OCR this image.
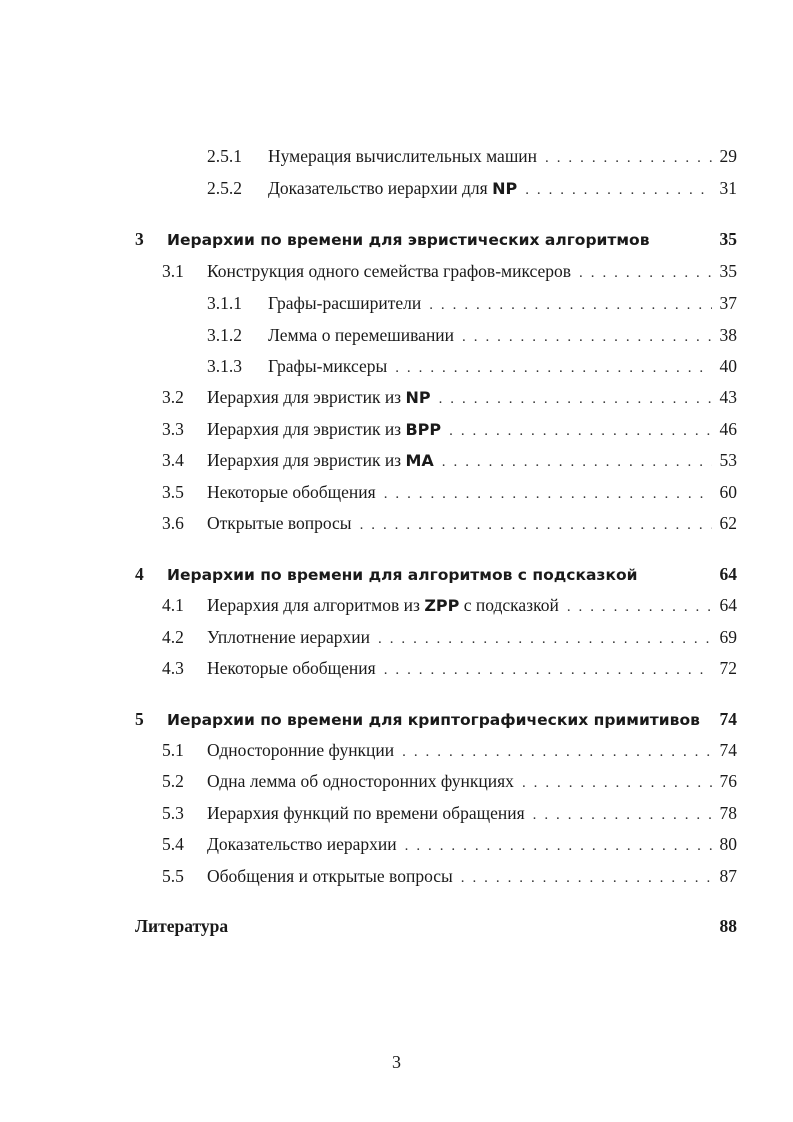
2.5.1	Нумерация вычислительных машин . . .	29
2.5.2	Доказательство иерархии для NP . . .	31
3	Иерархии по времени для эвристических алгоритмов	35
3.1	Конструкция одного семейства графов-миксеров . . .	35
3.1.1	Графы-расширители . . .	37
3.1.2	Лемма о перемешивании . . .	38
3.1.3	Графы-миксеры . . .	40
3.2	Иерархия для эвристик из NP . . .	43
3.3	Иерархия для эвристик из BPP . . .	46
3.4	Иерархия для эвристик из MA . . .	53
3.5	Некоторые обобщения . . .	60
3.6	Открытые вопросы . . .	62
4	Иерархии по времени для алгоритмов с подсказкой	64
4.1	Иерархия для алгоритмов из ZPP с подсказкой . . .	64
4.2	Уплотнение иерархии . . .	69
4.3	Некоторые обобщения . . .	72
5	Иерархии по времени для криптографических примитивов 74
5.1	Односторонние функции . . .	74
5.2	Одна лемма об односторонних функциях . . .	76
5.3	Иерархия функций по времени обращения . . .	78
5.4	Доказательство иерархии . . .	80
5.5	Обобщения и открытые вопросы . . .	87
Литература	88
3
